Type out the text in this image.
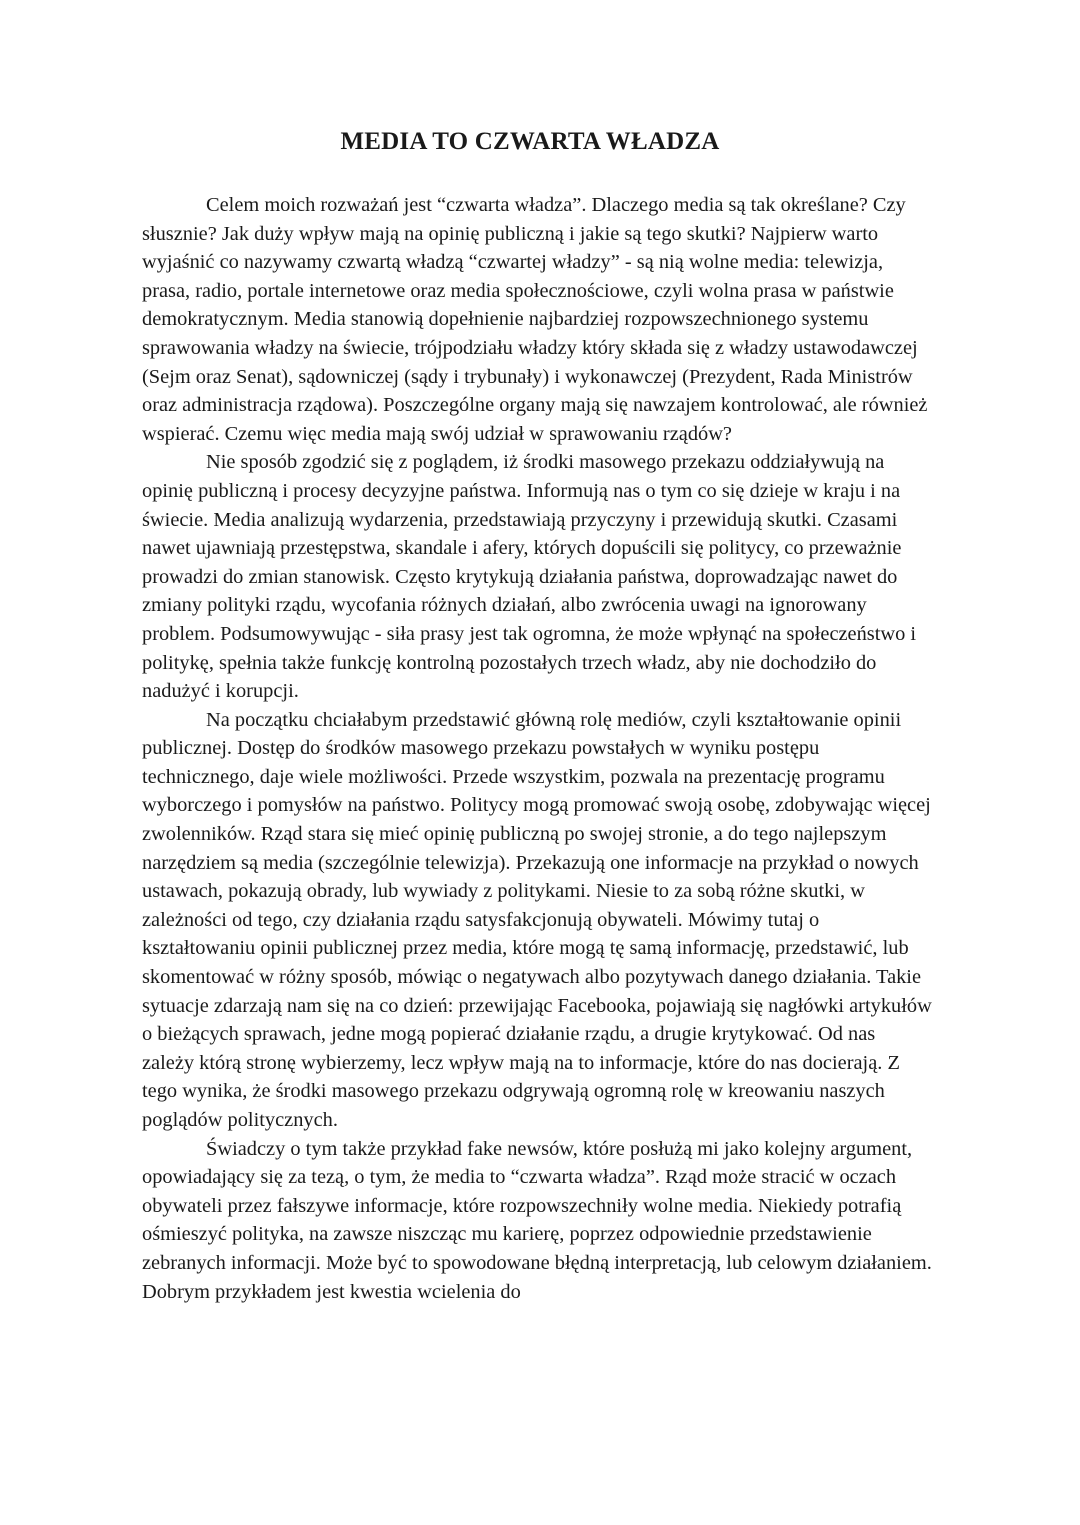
MEDIA TO CZWARTA WŁADZA

Celem moich rozważań jest “czwarta władza”. Dlaczego media są tak określane? Czy słusznie? Jak duży wpływ mają na opinię publiczną i jakie są tego skutki? Najpierw warto wyjaśnić co nazywamy czwartą władzą “czwartej władzy” - są nią wolne media: telewizja, prasa, radio, portale internetowe oraz media społecznościowe, czyli wolna prasa w państwie demokratycznym. Media stanowią dopełnienie najbardziej rozpowszechnionego systemu sprawowania władzy na świecie, trójpodziału władzy który składa się z władzy ustawodawczej (Sejm oraz Senat), sądowniczej (sądy i trybunały) i wykonawczej (Prezydent, Rada Ministrów oraz administracja rządowa). Poszczególne organy mają się nawzajem kontrolować, ale również wspierać. Czemu więc media mają swój udział w sprawowaniu rządów?

Nie sposób zgodzić się z poglądem, iż środki masowego przekazu oddziaływują na opinię publiczną i procesy decyzyjne państwa. Informują nas o tym co się dzieje w kraju i na świecie. Media analizują wydarzenia, przedstawiają przyczyny i przewidują skutki. Czasami nawet ujawniają przestępstwa, skandale i afery, których dopuścili się politycy, co przeważnie prowadzi do zmian stanowisk. Często krytykują działania państwa, doprowadzając nawet do zmiany polityki rządu, wycofania różnych działań, albo zwrócenia uwagi na ignorowany problem. Podsumowywując - siła prasy jest tak ogromna, że może wpłynąć na społeczeństwo i politykę, spełnia także funkcję kontrolną pozostałych trzech władz, aby nie dochodziło do nadużyć i korupcji.

Na początku chciałabym przedstawić główną rolę mediów, czyli kształtowanie opinii publicznej. Dostęp do środków masowego przekazu powstałych w wyniku postępu technicznego, daje wiele możliwości. Przede wszystkim, pozwala na prezentację programu wyborczego i pomysłów na państwo. Politycy mogą promować swoją osobę, zdobywając więcej zwolenników. Rząd stara się mieć opinię publiczną po swojej stronie, a do tego najlepszym narzędziem są media (szczególnie telewizja). Przekazują one informacje na przykład o nowych ustawach, pokazują obrady, lub wywiady z politykami. Niesie to za sobą różne skutki, w zależności od tego, czy działania rządu satysfakcjonują obywateli. Mówimy tutaj o kształtowaniu opinii publicznej przez media, które mogą tę samą informację, przedstawić, lub skomentować w różny sposób, mówiąc o negatywach albo pozytywach danego działania. Takie sytuacje zdarzają nam się na co dzień: przewijając Facebooka, pojawiają się nagłówki artykułów o bieżących sprawach, jedne mogą popierać działanie rządu, a drugie krytykować. Od nas zależy którą stronę wybierzemy, lecz wpływ mają na to informacje, które do nas docierają. Z tego wynika, że środki masowego przekazu odgrywają ogromną rolę w kreowaniu naszych poglądów politycznych.

Świadczy o tym także przykład fake newsów, które posłużą mi jako kolejny argument, opowiadający się za tezą, o tym, że media to “czwarta władza”. Rząd może stracić w oczach obywateli przez fałszywe informacje, które rozpowszechniły wolne media. Niekiedy potrafią ośmieszyć polityka, na zawsze niszcząc mu karierę, poprzez odpowiednie przedstawienie zebranych informacji. Może być to spowodowane błędną interpretacją, lub celowym działaniem. Dobrym przykładem jest kwestia wcielenia do
